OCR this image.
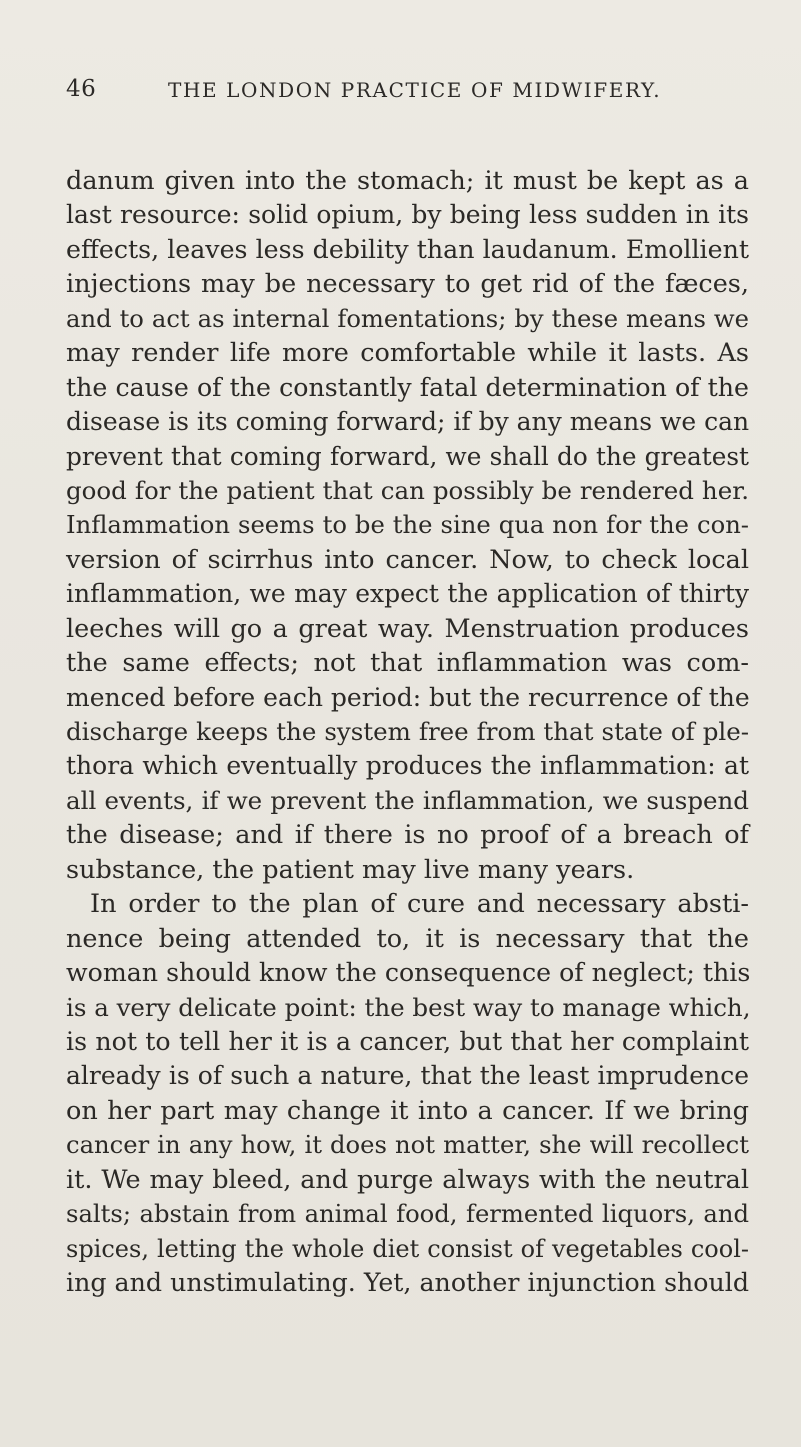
46	THE LONDON PRACTICE OF MIDWIFERY.
danum given into the stomach; it must be kept as a
last resource: solid opium, by being less sudden in its
effects, leaves less debility than laudanum. Emollient
injections may be necessary to get rid of the fæces,
and to act as internal fomentations; by these means we
may render life more comfortable while it lasts. As
the cause of the constantly fatal determination of the
disease is its coming forward; if by any means we can
prevent that coming forward, we shall do the greatest
good for the patient that can possibly be rendered her.
Inflammation seems to be the sine qua non for the con-
version of scirrhus into cancer. Now, to check local
inflammation, we may expect the application of thirty
leeches will go a great way. Menstruation produces
the same effects; not that inflammation was com-
menced before each period: but the recurrence of the
discharge keeps the system free from that state of ple-
thora which eventually produces the inflammation: at
all events, if we prevent the inflammation, we suspend
the disease; and if there is no proof of a breach of
substance, the patient may live many years.
In order to the plan of cure and necessary absti-
nence being attended to, it is necessary that the
woman should know the consequence of neglect; this
is a very delicate point: the best way to manage which,
is not to tell her it is a cancer, but that her complaint
already is of such a nature, that the least imprudence
on her part may change it into a cancer. If we bring
cancer in any how, it does not matter, she will recollect
it. We may bleed, and purge always with the neutral
salts; abstain from animal food, fermented liquors, and
spices, letting the whole diet consist of vegetables cool-
ing and unstimulating. Yet, another injunction should
